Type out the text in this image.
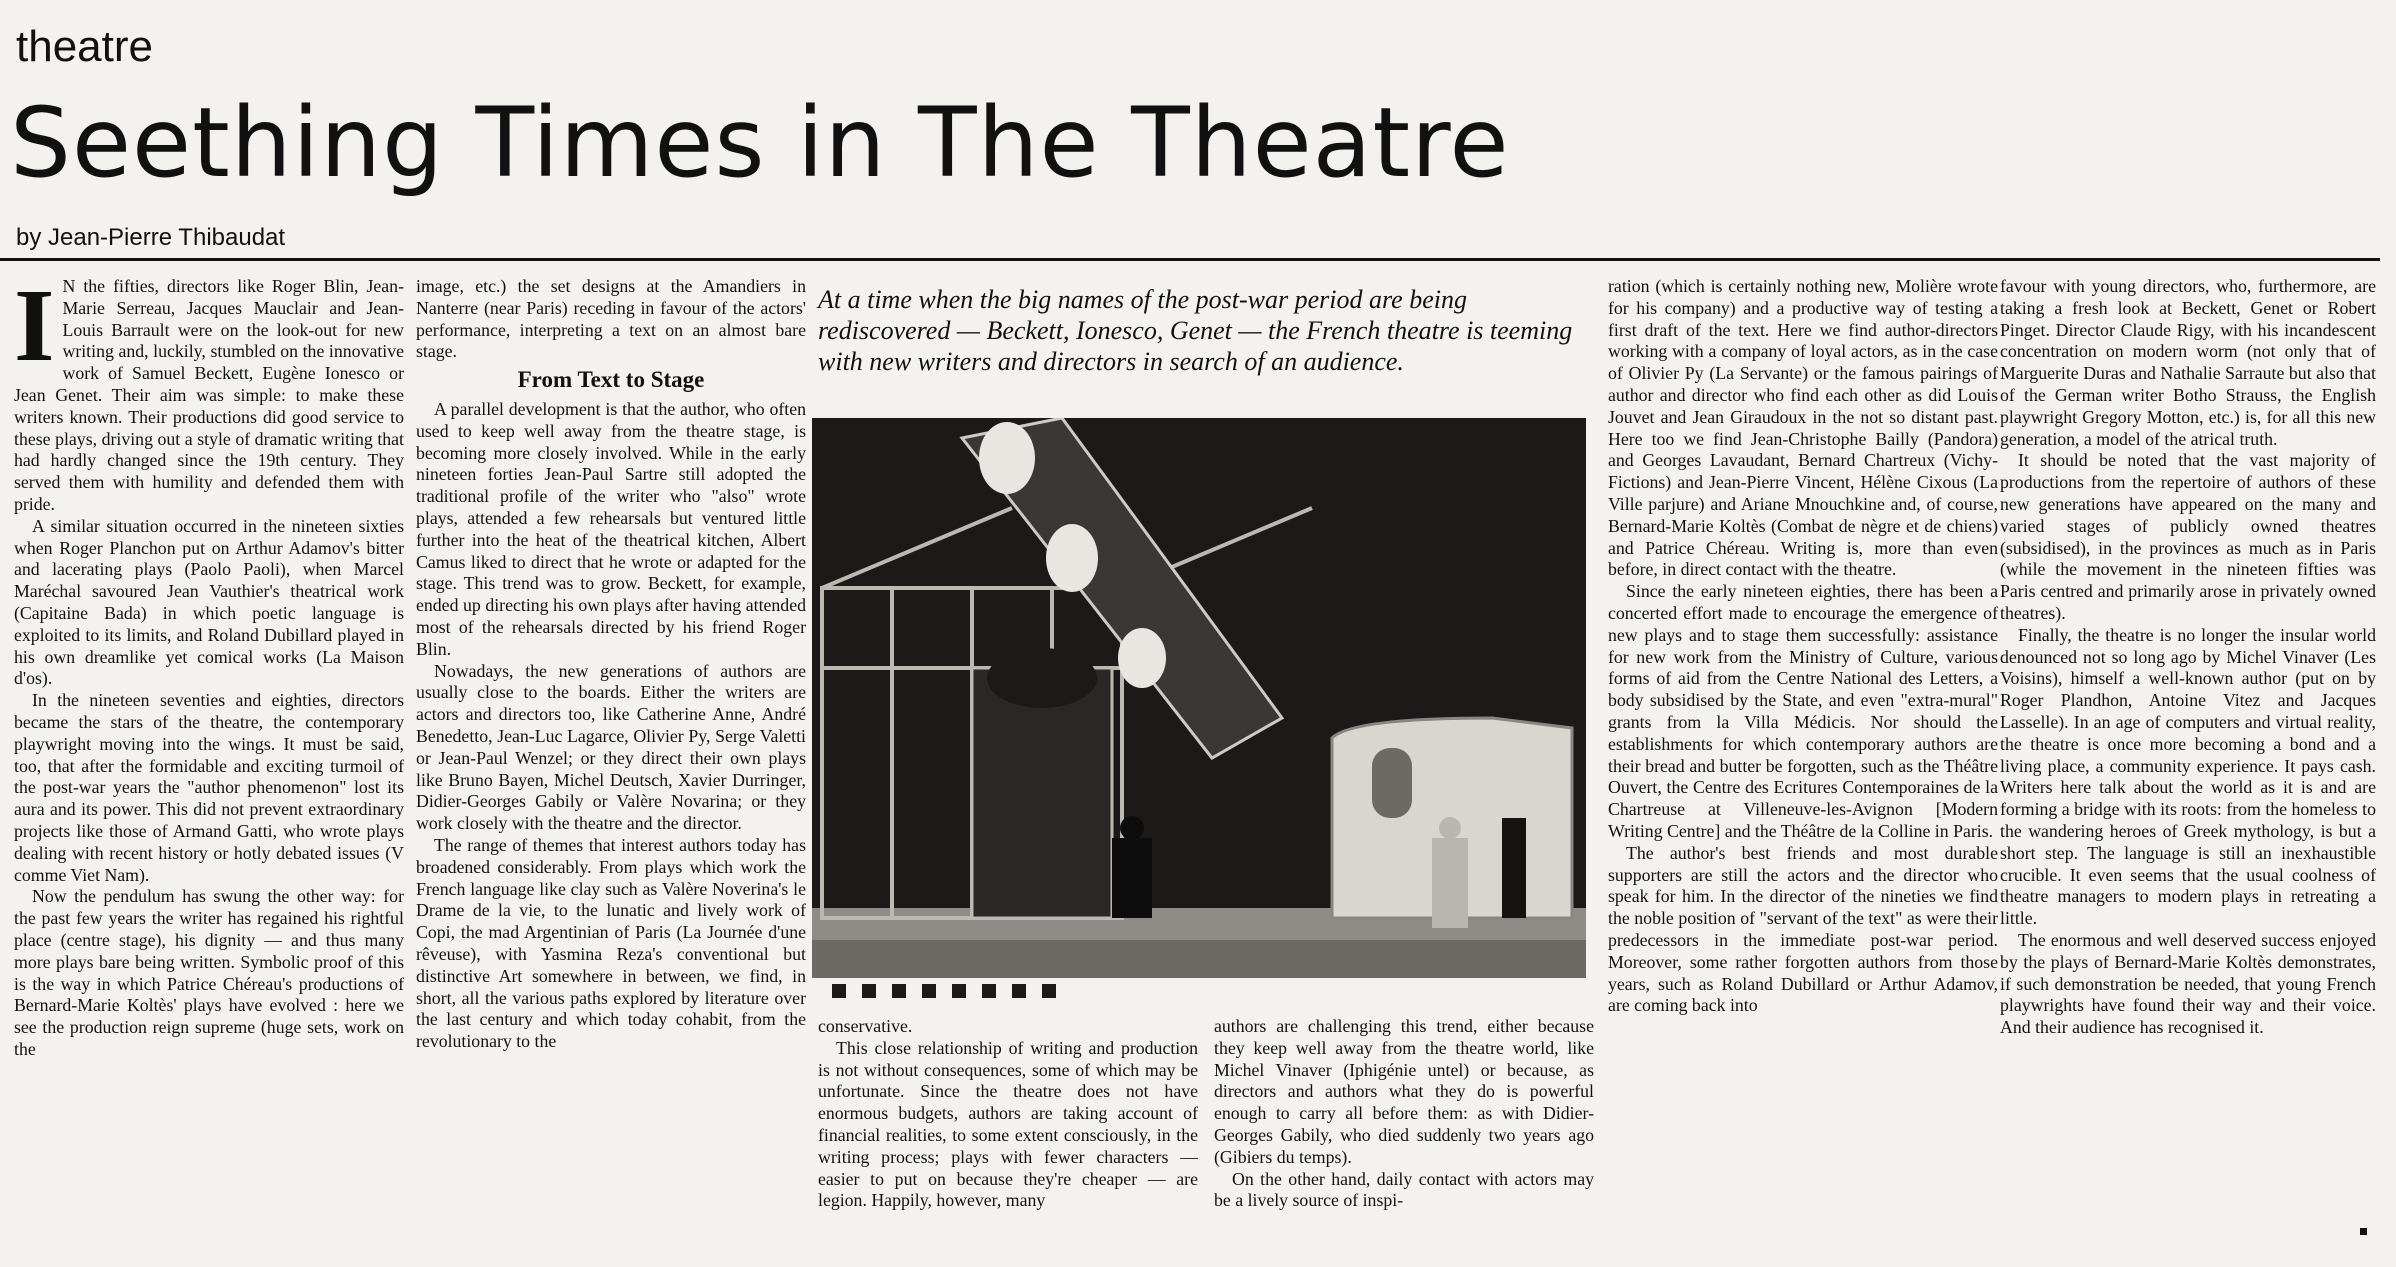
theatre
Seething Times in The Theatre
by Jean-Pierre Thibaudat

I N the fifties, directors like Roger Blin, Jean-Marie Serreau, Jacques Mauclair and Jean-Louis Barrault were on the look-out for new writing and, luckily, stumbled on the innovative work of Samuel Beckett, Eugène Ionesco or Jean Genet. Their aim was simple: to make these writers known. Their productions did good service to these plays, driving out a style of dramatic writing that had hardly changed since the 19th century. They served them with humility and defended them with pride.

A similar situation occurred in the nineteen sixties when Roger Planchon put on Arthur Adamov's bitter and lacerating plays (Paolo Paoli), when Marcel Maréchal savoured Jean Vauthier's theatrical work (Capitaine Bada) in which poetic language is exploited to its limits, and Roland Dubillard played in his own dreamlike yet comical works (La Maison d'os).

In the nineteen seventies and eighties, directors became the stars of the theatre, the contemporary playwright moving into the wings. It must be said, too, that after the formidable and exciting turmoil of the post-war years the "author phenomenon" lost its aura and its power. This did not prevent extraordinary projects like those of Armand Gatti, who wrote plays dealing with recent history or hotly debated issues (V comme Viet Nam).

Now the pendulum has swung the other way: for the past few years the writer has regained his rightful place (centre stage), his dignity — and thus many more plays bare being written. Symbolic proof of this is the way in which Patrice Chéreau's productions of Bernard-Marie Koltès' plays have evolved : here we see the production reign supreme (huge sets, work on the

image, etc.) the set designs at the Amandiers in Nanterre (near Paris) receding in favour of the actors' performance, interpreting a text on an almost bare stage.

From Text to Stage

A parallel development is that the author, who often used to keep well away from the theatre stage, is becoming more closely involved. While in the early nineteen forties Jean-Paul Sartre still adopted the traditional profile of the writer who "also" wrote plays, attended a few rehearsals but ventured little further into the heat of the theatrical kitchen, Albert Camus liked to direct that he wrote or adapted for the stage. This trend was to grow. Beckett, for example, ended up directing his own plays after having attended most of the rehearsals directed by his friend Roger Blin.

Nowadays, the new generations of authors are usually close to the boards. Either the writers are actors and directors too, like Catherine Anne, André Benedetto, Jean-Luc Lagarce, Olivier Py, Serge Valetti or Jean-Paul Wenzel; or they direct their own plays like Bruno Bayen, Michel Deutsch, Xavier Durringer, Didier-Georges Gabily or Valère Novarina; or they work closely with the theatre and the director.

The range of themes that interest authors today has broadened considerably. From plays which work the French language like clay such as Valère Noverina's le Drame de la vie, to the lunatic and lively work of Copi, the mad Argentinian of Paris (La Journée d'une rêveuse), with Yasmina Reza's conventional but distinctive Art somewhere in between, we find, in short, all the various paths explored by literature over the last century and which today cohabit, from the revolutionary to the

At a time when the big names of the post-war period are being rediscovered — Beckett, Ionesco, Genet — the French theatre is teeming with new writers and directors in search of an audience.

conservative.

This close relationship of writing and production is not without consequences, some of which may be unfortunate. Since the theatre does not have enormous budgets, authors are taking account of financial realities, to some extent consciously, in the writing process; plays with fewer characters — easier to put on because they're cheaper — are legion. Happily, however, many

authors are challenging this trend, either because they keep well away from the theatre world, like Michel Vinaver (Iphigénie untel) or because, as directors and authors what they do is powerful enough to carry all before them: as with Didier-Georges Gabily, who died suddenly two years ago (Gibiers du temps).

On the other hand, daily contact with actors may be a lively source of inspi-

ration (which is certainly nothing new, Molière wrote for his company) and a productive way of testing a first draft of the text. Here we find author-directors working with a company of loyal actors, as in the case of Olivier Py (La Servante) or the famous pairings of author and director who find each other as did Louis Jouvet and Jean Giraudoux in the not so distant past. Here too we find Jean-Christophe Bailly (Pandora) and Georges Lavaudant, Bernard Chartreux (Vichy-Fictions) and Jean-Pierre Vincent, Hélène Cixous (La Ville parjure) and Ariane Mnouchkine and, of course, Bernard-Marie Koltès (Combat de nègre et de chiens) and Patrice Chéreau. Writing is, more than even before, in direct contact with the theatre.

Since the early nineteen eighties, there has been a concerted effort made to encourage the emergence of new plays and to stage them successfully: assistance for new work from the Ministry of Culture, various forms of aid from the Centre National des Letters, a body subsidised by the State, and even "extra-mural" grants from la Villa Médicis. Nor should the establishments for which contemporary authors are their bread and butter be forgotten, such as the Théâtre Ouvert, the Centre des Ecritures Contemporaines de la Chartreuse at Villeneuve-les-Avignon [Modern Writing Centre] and the Théâtre de la Colline in Paris.

The author's best friends and most durable supporters are still the actors and the director who speak for him. In the director of the nineties we find the noble position of "servant of the text" as were their predecessors in the immediate post-war period. Moreover, some rather forgotten authors from those years, such as Roland Dubillard or Arthur Adamov, are coming back into

favour with young directors, who, furthermore, are taking a fresh look at Beckett, Genet or Robert Pinget. Director Claude Rigy, with his incandescent concentration on modern worm (not only that of Marguerite Duras and Nathalie Sarraute but also that of the German writer Botho Strauss, the English playwright Gregory Motton, etc.) is, for all this new generation, a model of the atrical truth.

It should be noted that the vast majority of productions from the repertoire of authors of these new generations have appeared on the many and varied stages of publicly owned theatres (subsidised), in the provinces as much as in Paris (while the movement in the nineteen fifties was Paris centred and primarily arose in privately owned theatres).

Finally, the theatre is no longer the insular world denounced not so long ago by Michel Vinaver (Les Voisins), himself a well-known author (put on by Roger Plandhon, Antoine Vitez and Jacques Lasselle). In an age of computers and virtual reality, the theatre is once more becoming a bond and a living place, a community experience. It pays cash. Writers here talk about the world as it is and are forming a bridge with its roots: from the homeless to the wandering heroes of Greek mythology, is but a short step. The language is still an inexhaustible crucible. It even seems that the usual coolness of theatre managers to modern plays in retreating a little.

The enormous and well deserved success enjoyed by the plays of Bernard-Marie Koltès demonstrates, if such demonstration be needed, that young French playwrights have found their way and their voice. And their audience has recognised it.
